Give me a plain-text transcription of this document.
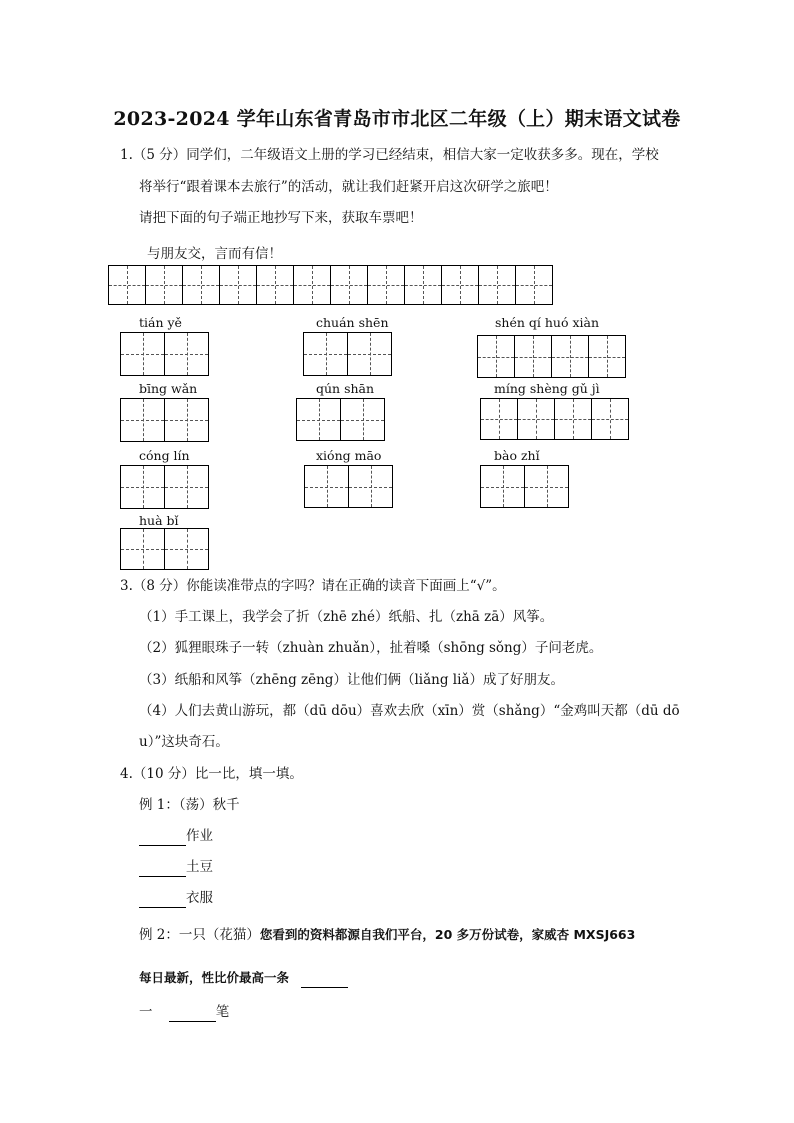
2023-2024 学年山东省青岛市市北区二年级（上）期末语文试卷
1.（5 分）同学们，二年级语文上册的学习已经结束，相信大家一定收获多多。现在，学校
将举行“跟着课本去旅行”的活动，就让我们赶紧开启这次研学之旅吧！
请把下面的句子端正地抄写下来，获取车票吧！
与朋友交，言而有信！
tián yě	chuán shēn	shén qí huó xiàn
bīng wǎn	qún shān	míng shèng gǔ jì
cóng lín	xióng māo	bào zhǐ
huà bǐ
3.（8 分）你能读准带点的字吗？请在正确的读音下面画上“√”。
（1）手工课上，我学会了折（zhē zhé）纸船、扎（zhā zā）风筝。
（2）狐狸眼珠子一转（zhuàn zhuǎn），扯着嗓（shōng sǒng）子问老虎。
（3）纸船和风筝（zhēng zēng）让他们俩（liǎng liǎ）成了好朋友。
（4）人们去黄山游玩，都（dū dōu）喜欢去欣（xīn）赏（shǎng）“金鸡叫天都（dū dō
u）”这块奇石。
4.（10 分）比一比，填一填。
例 1：（荡）秋千
作业
土豆
衣服
例 2：一只（花猫）您看到的资料都源自我们平台，20 多万份试卷，家威杏 MXSJ663
每日最新，性比价最高一条
一	笔
